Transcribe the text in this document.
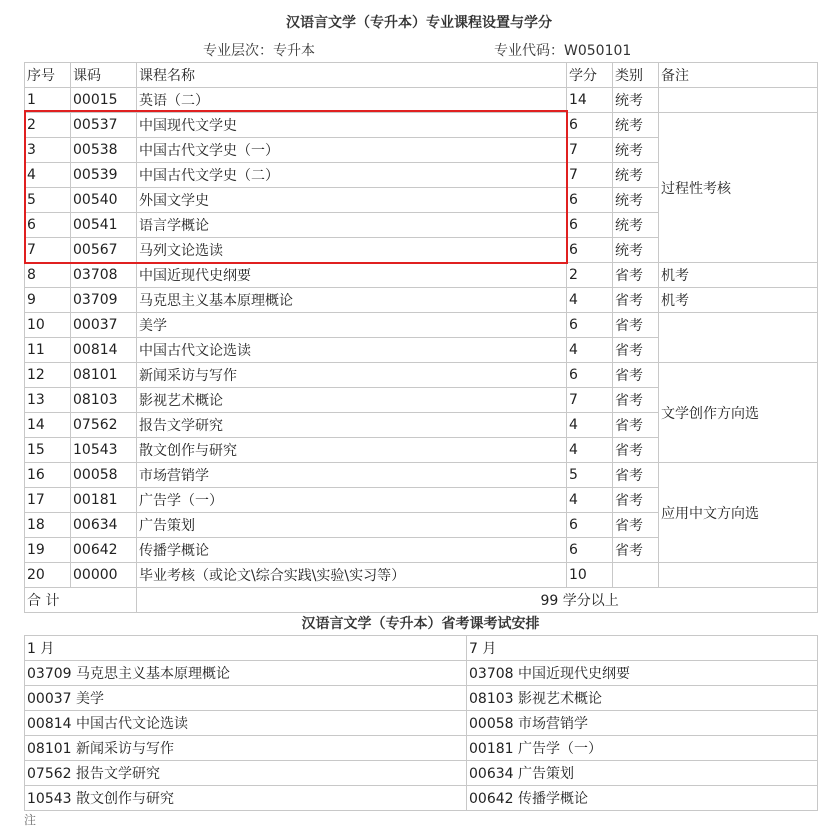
汉语言文学（专升本）专业课程设置与学分
专业层次：专升本	专业代码：W050101
序号	课码	课程名称	学分	类别	备注
1	00015	英语（二）	14	统考	
2	00537	中国现代文学史	6	统考	过程性考核
3	00538	中国古代文学史（一）	7	统考
4	00539	中国古代文学史（二）	7	统考
5	00540	外国文学史	6	统考
6	00541	语言学概论	6	统考
7	00567	马列文论选读	6	统考
8	03708	中国近现代史纲要	2	省考	机考
9	03709	马克思主义基本原理概论	4	省考	机考
10	00037	美学	6	省考	
11	00814	中国古代文论选读	4	省考
12	08101	新闻采访与写作	6	省考	文学创作方向选
13	08103	影视艺术概论	7	省考
14	07562	报告文学研究	4	省考
15	10543	散文创作与研究	4	省考
16	00058	市场营销学	5	省考	应用中文方向选
17	00181	广告学（一）	4	省考
18	00634	广告策划	6	省考
19	00642	传播学概论	6	省考
20	00000	毕业考核（或论文\综合实践\实验\实习等）	10		
合 计		99 学分以上
汉语言文学（专升本）省考课考试安排
1 月	7 月
03709 马克思主义基本原理概论	03708 中国近现代史纲要
00037 美学	08103 影视艺术概论
00814 中国古代文论选读	00058 市场营销学
08101 新闻采访与写作	00181 广告学（一）
07562 报告文学研究	00634 广告策划
10543 散文创作与研究	00642 传播学概论
注
